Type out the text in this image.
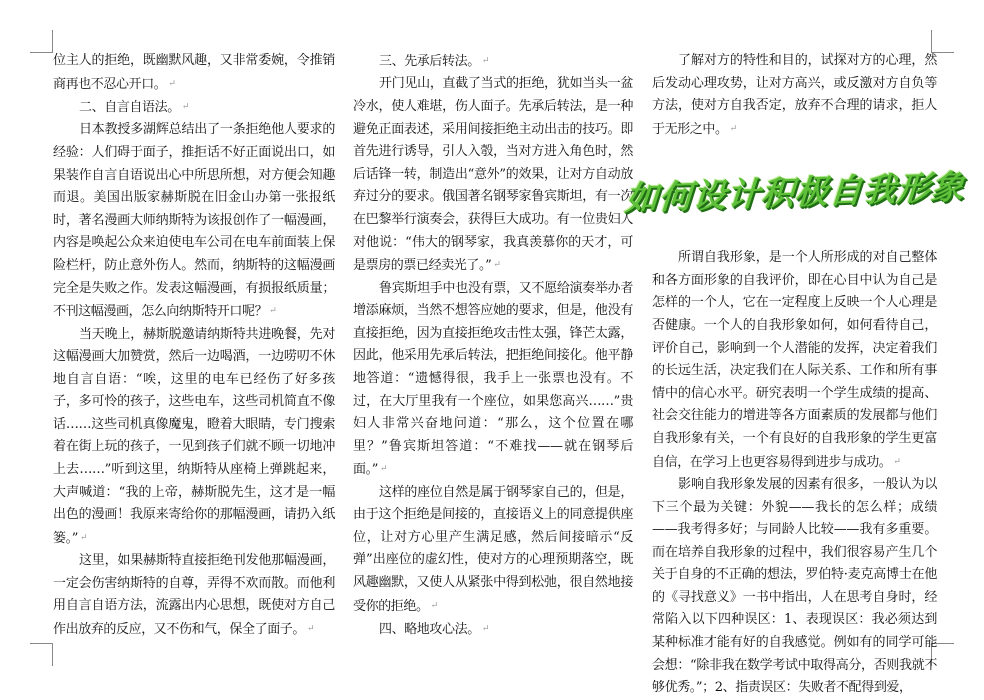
位主人的拒绝，既幽默风趣，又非常委婉，令推销商再也不忍心开口。 ↵

二、自言自语法。 ↵

日本教授多湖辉总结出了一条拒绝他人要求的经验：人们碍于面子，推拒话不好正面说出口，如果装作自言自语说出心中所思所想，对方便会知趣而退。美国出版家赫斯脱在旧金山办第一张报纸时，著名漫画大师纳斯特为该报创作了一幅漫画，内容是唤起公众来迫使电车公司在电车前面装上保险栏杆，防止意外伤人。然而，纳斯特的这幅漫画完全是失败之作。发表这幅漫画，有损报纸质量；不刊这幅漫画，怎么向纳斯特开口呢？ ↵

当天晚上，赫斯脱邀请纳斯特共进晚餐，先对这幅漫画大加赞赏，然后一边喝酒，一边唠叨不休地自言自语：“唉，这里的电车已经伤了好多孩子，多可怜的孩子，这些电车，这些司机简直不像话……这些司机真像魔鬼，瞪着大眼睛，专门搜索着在街上玩的孩子，一见到孩子们就不顾一切地冲上去……”听到这里，纳斯特从座椅上弹跳起来，大声喊道：“我的上帝，赫斯脱先生，这才是一幅出色的漫画！我原来寄给你的那幅漫画，请扔入纸篓。” ↵

这里，如果赫斯特直接拒绝刊发他那幅漫画，一定会伤害纳斯特的自尊，弄得不欢而散。而他利用自言自语方法，流露出内心思想，既使对方自己作出放弃的反应，又不伤和气，保全了面子。 ↵

三、先承后转法。 ↵

开门见山，直截了当式的拒绝，犹如当头一盆冷水，使人难堪，伤人面子。先承后转法，是一种避免正面表述，采用间接拒绝主动出击的技巧。即首先进行诱导，引人入彀，当对方进入角色时，然后话锋一转，制造出“意外”的效果，让对方自动放弃过分的要求。俄国著名钢琴家鲁宾斯坦，有一次在巴黎举行演奏会，获得巨大成功。有一位贵妇人对他说：“伟大的钢琴家，我真羡慕你的天才，可是票房的票已经卖光了。” ↵

鲁宾斯坦手中也没有票，又不愿给演奏举办者增添麻烦，当然不想答应她的要求，但是，他没有直接拒绝，因为直接拒绝攻击性太强，锋芒太露，因此，他采用先承后转法，把拒绝间接化。他平静地答道：“遗憾得很，我手上一张票也没有。不过，在大厅里我有一个座位，如果您高兴……”贵妇人非常兴奋地问道：“那么，这个位置在哪里？”鲁宾斯坦答道：“不难找——就在钢琴后面。” ↵

这样的座位自然是属于钢琴家自己的，但是，由于这个拒绝是间接的，直接语义上的同意提供座位，让对方心里产生满足感，然后间接暗示“反弹”出座位的虚幻性，使对方的心理预期落空，既风趣幽默，又使人从紧张中得到松弛，很自然地接受你的拒绝。 ↵

四、略地攻心法。 ↵

了解对方的特性和目的，试探对方的心理，然后发动心理攻势，让对方高兴，或反激对方自负等方法，使对方自我否定，放弃不合理的请求，拒人于无形之中。 ↵

如何设计积极自我形象

所谓自我形象，是一个人所形成的对自己整体和各方面形象的自我评价，即在心目中认为自己是怎样的一个人，它在一定程度上反映一个人心理是否健康。一个人的自我形象如何，如何看待自己，评价自己，影响到一个人潜能的发挥，决定着我们的长远生活，决定我们在人际关系、工作和所有事情中的信心水平。研究表明一个学生成绩的提高、社会交往能力的增进等各方面素质的发展都与他们自我形象有关，一个有良好的自我形象的学生更富自信，在学习上也更容易得到进步与成功。 ↵

影响自我形象发展的因素有很多，一般认为以下三个最为关键：外貌——我长的怎么样；成绩——我考得多好；与同龄人比较——我有多重要。而在培养自我形象的过程中，我们很容易产生几个关于自身的不正确的想法，罗伯特·麦克高博士在他的《寻找意义》一书中指出，人在思考自身时，经常陷入以下四种误区：1、表现误区：我必须达到某种标准才能有好的自我感觉。例如有的同学可能会想：“除非我在数学考试中取得高分，否则我就不够优秀。”；2、指责误区：失败者不配得到爱，
